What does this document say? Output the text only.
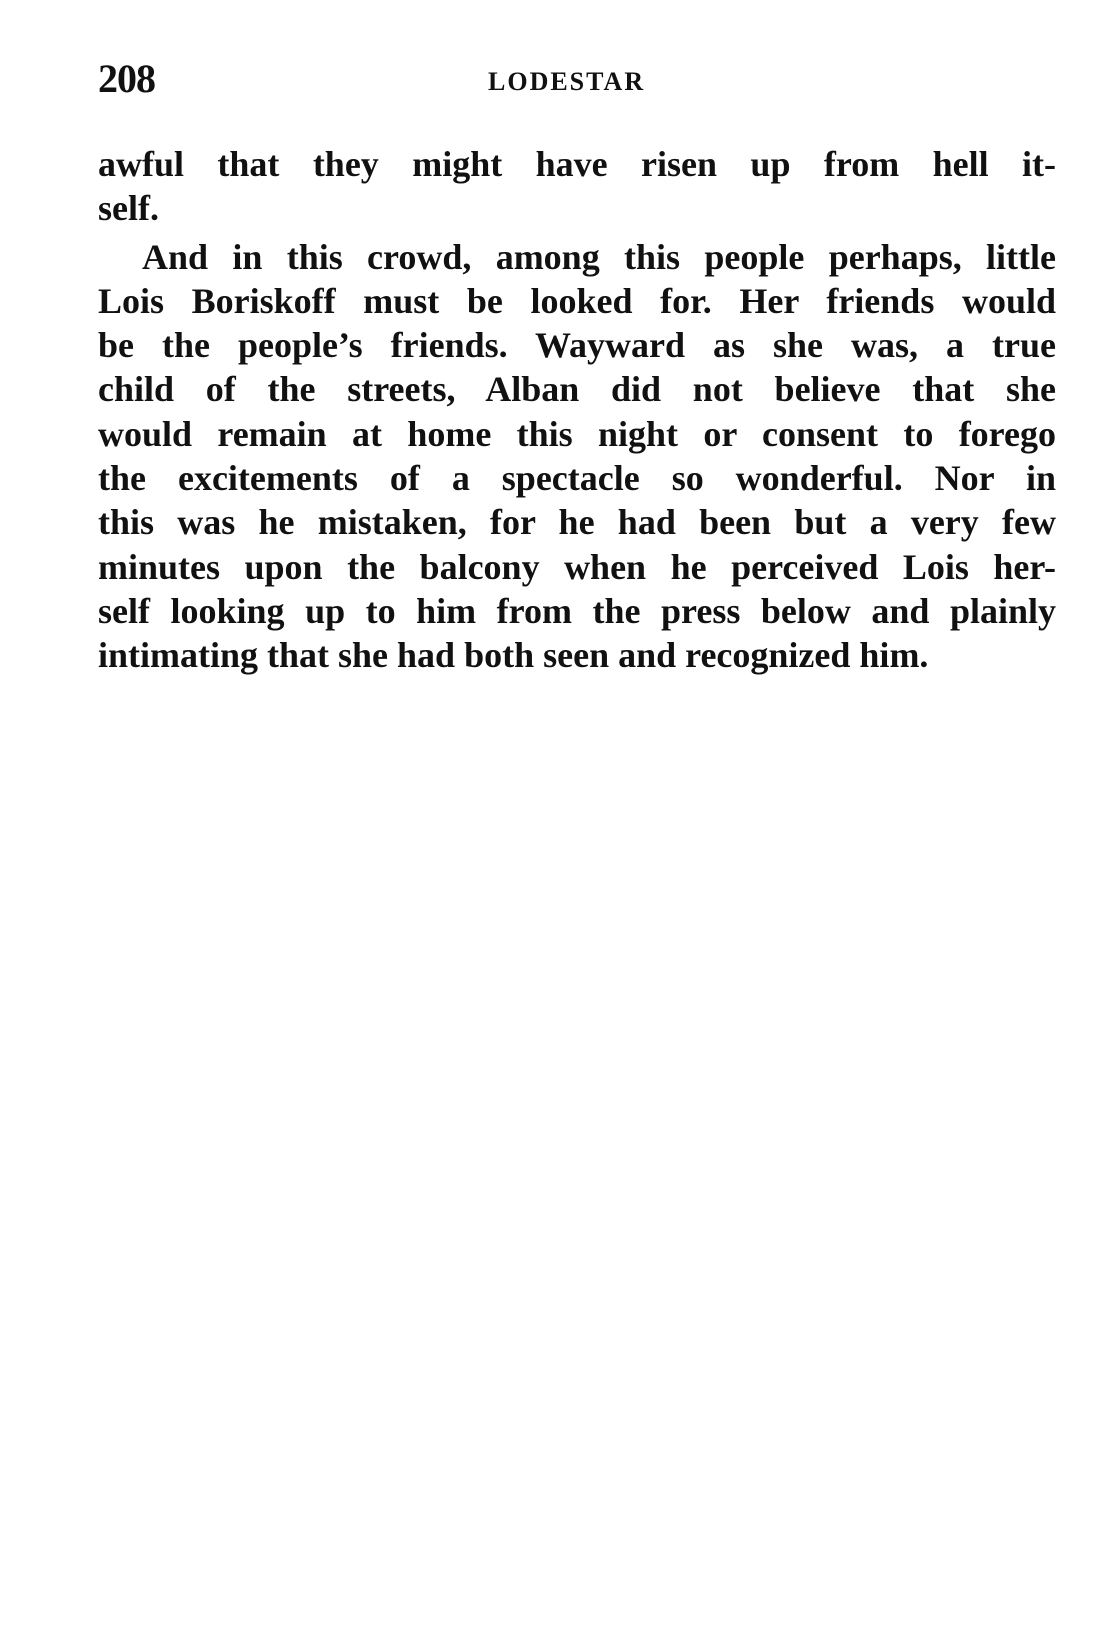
208	LODESTAR
awful that they might have risen up from hell it-
self.
And in this crowd, among this people perhaps, little
Lois Boriskoff must be looked for. Her friends would
be the people’s friends. Wayward as she was, a true
child of the streets, Alban did not believe that she
would remain at home this night or consent to forego
the excitements of a spectacle so wonderful. Nor in
this was he mistaken, for he had been but a very few
minutes upon the balcony when he perceived Lois her-
self looking up to him from the press below and plainly
intimating that she had both seen and recognized him.
